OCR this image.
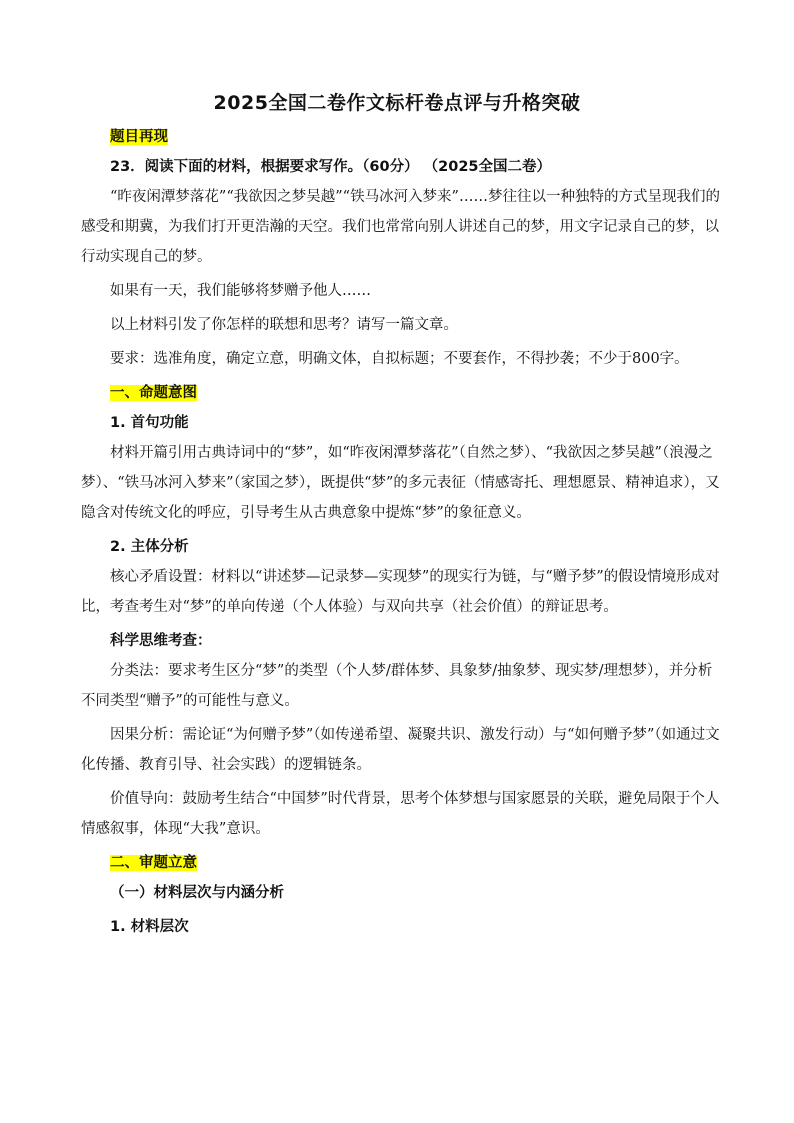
2025全国二卷作文标杆卷点评与升格突破

题目再现

23．阅读下面的材料，根据要求写作。（60分） （2025全国二卷）

“昨夜闲潭梦落花”“我欲因之梦吴越”“铁马冰河入梦来”……梦往往以一种独特的方式呈现我们的感受和期冀，为我们打开更浩瀚的天空。我们也常常向别人讲述自己的梦，用文字记录自己的梦，以行动实现自己的梦。

如果有一天，我们能够将梦赠予他人……

以上材料引发了你怎样的联想和思考？请写一篇文章。

要求：选准角度，确定立意，明确文体，自拟标题；不要套作，不得抄袭；不少于800字。

一、命题意图

1. 首句功能

材料开篇引用古典诗词中的“梦”，如“昨夜闲潭梦落花”（自然之梦）、“我欲因之梦吴越”（浪漫之梦）、“铁马冰河入梦来”（家国之梦），既提供“梦”的多元表征（情感寄托、理想愿景、精神追求），又隐含对传统文化的呼应，引导考生从古典意象中提炼“梦”的象征意义。

2. 主体分析

核心矛盾设置：材料以“讲述梦—记录梦—实现梦”的现实行为链，与“赠予梦”的假设情境形成对比，考查考生对“梦”的单向传递（个人体验）与双向共享（社会价值）的辩证思考。

科学思维考查：

分类法：要求考生区分“梦”的类型（个人梦/群体梦、具象梦/抽象梦、现实梦/理想梦），并分析不同类型“赠予”的可能性与意义。

因果分析：需论证“为何赠予梦”（如传递希望、凝聚共识、激发行动）与“如何赠予梦”（如通过文化传播、教育引导、社会实践）的逻辑链条。

价值导向：鼓励考生结合“中国梦”时代背景，思考个体梦想与国家愿景的关联，避免局限于个人情感叙事，体现“大我”意识。

二、审题立意

（一）材料层次与内涵分析

1. 材料层次
